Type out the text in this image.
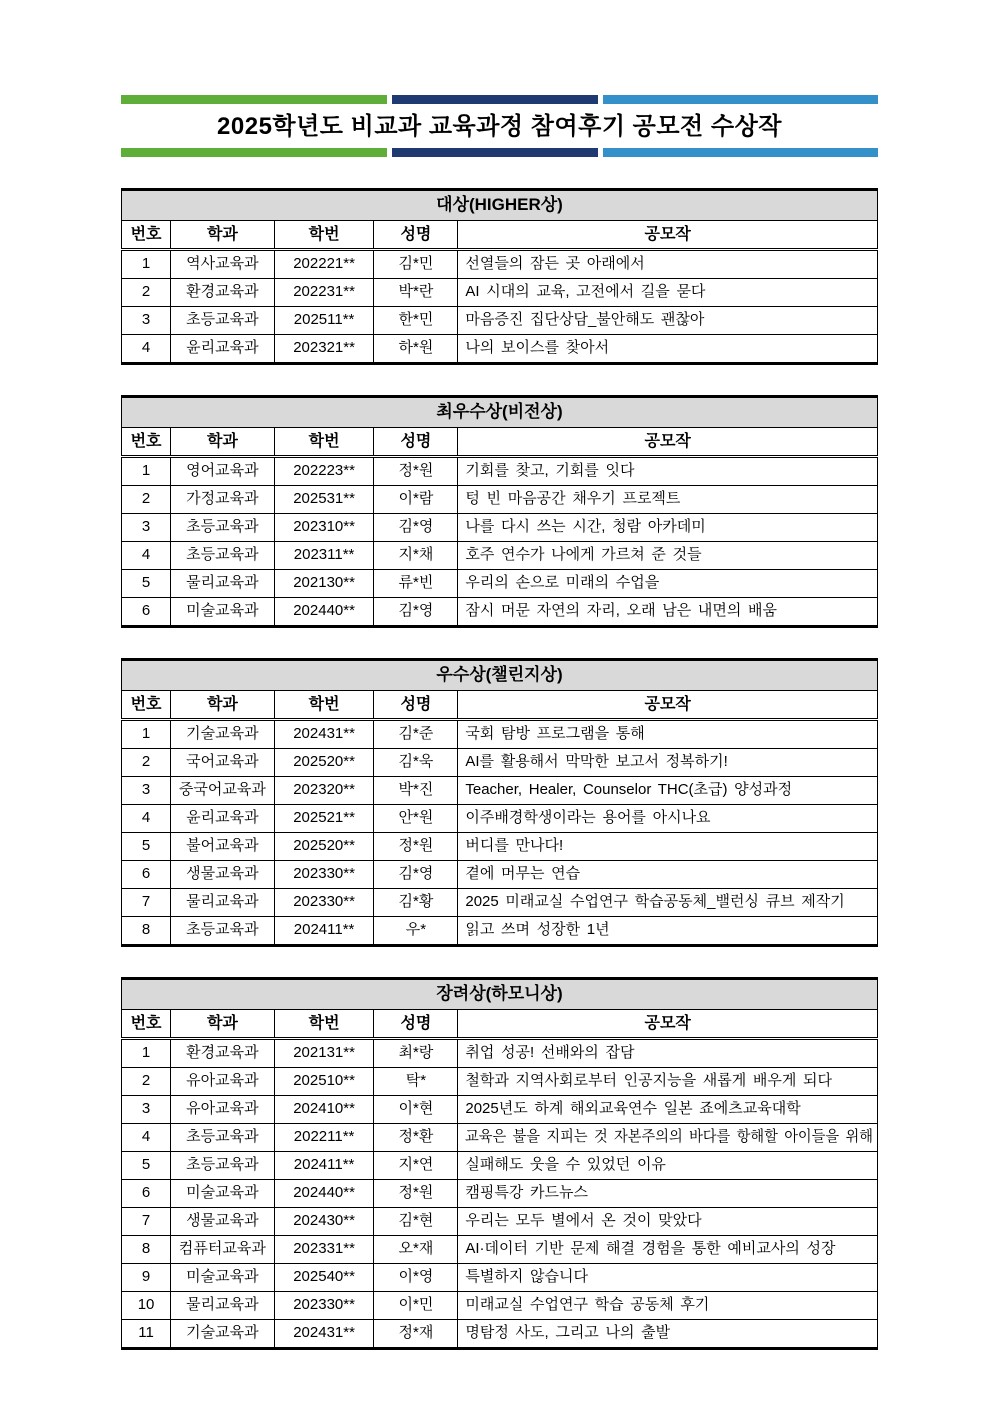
2025학년도 비교과 교육과정 참여후기 공모전 수상작
대상(HIGHER상)				
번호	학과	학번	성명	공모작
1	역사교육과	202221**	김*민	선열들의 잠든 곳 아래에서
2	환경교육과	202231**	박*란	AI 시대의 교육, 고전에서 길을 묻다
3	초등교육과	202511**	한*민	마음증진 집단상담_불안해도 괜찮아
4	윤리교육과	202321**	하*원	나의 보이스를 찾아서
최우수상(비전상)				
번호	학과	학번	성명	공모작
1	영어교육과	202223**	정*원	기회를 찾고, 기회를 잇다
2	가정교육과	202531**	이*람	텅 빈 마음공간 채우기 프로젝트
3	초등교육과	202310**	김*영	나를 다시 쓰는 시간, 청람 아카데미
4	초등교육과	202311**	지*채	호주 연수가 나에게 가르쳐 준 것들
5	물리교육과	202130**	류*빈	우리의 손으로 미래의 수업을
6	미술교육과	202440**	김*영	잠시 머문 자연의 자리, 오래 남은 내면의 배움
우수상(챌린지상)				
번호	학과	학번	성명	공모작
1	기술교육과	202431**	김*준	국회 탐방 프로그램을 통해
2	국어교육과	202520**	김*욱	AI를 활용해서 막막한 보고서 정복하기!
3	중국어교육과	202320**	박*진	Teacher, Healer, Counselor THC(초급) 양성과정
4	윤리교육과	202521**	안*원	이주배경학생이라는 용어를 아시나요
5	불어교육과	202520**	정*원	버디를 만나다!
6	생물교육과	202330**	김*영	곁에 머무는 연습
7	물리교육과	202330**	김*황	2025 미래교실 수업연구 학습공동체_밸런싱 큐브 제작기
8	초등교육과	202411**	우*	읽고 쓰며 성장한 1년
장려상(하모니상)				
번호	학과	학번	성명	공모작
1	환경교육과	202131**	최*랑	취업 성공! 선배와의 잡담
2	유아교육과	202510**	탁*	철학과 지역사회로부터 인공지능을 새롭게 배우게 되다
3	유아교육과	202410**	이*현	2025년도 하계 해외교육연수 일본 죠에츠교육대학
4	초등교육과	202211**	정*환	교육은 불을 지피는 것 자본주의의 바다를 항해할 아이들을 위해
5	초등교육과	202411**	지*연	실패해도 웃을 수 있었던 이유
6	미술교육과	202440**	정*원	캠핑특강 카드뉴스
7	생물교육과	202430**	김*현	우리는 모두 별에서 온 것이 맞았다
8	컴퓨터교육과	202331**	오*재	AI·데이터 기반 문제 해결 경험을 통한 예비교사의 성장
9	미술교육과	202540**	이*영	특별하지 않습니다
10	물리교육과	202330**	이*민	미래교실 수업연구 학습 공동체 후기
11	기술교육과	202431**	정*재	명탐정 사도, 그리고 나의 출발
